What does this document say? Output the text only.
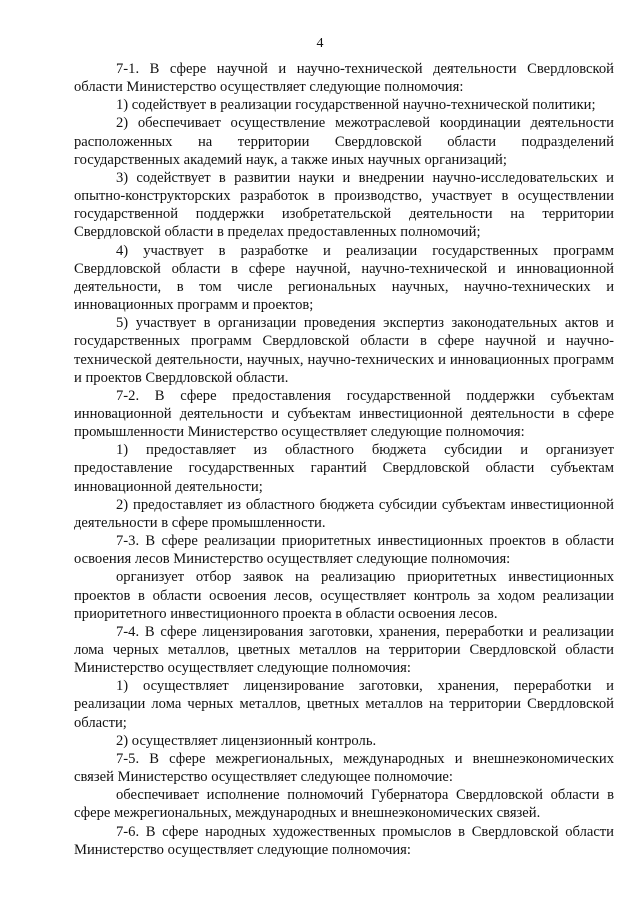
4

7-1. В сфере научной и научно-технической деятельности Свердловской области Министерство осуществляет следующие полномочия:

1) содействует в реализации государственной научно-технической политики;

2) обеспечивает осуществление межотраслевой координации деятельности расположенных на территории Свердловской области подразделений государственных академий наук, а также иных научных организаций;

3) содействует в развитии науки и внедрении научно-исследовательских и опытно-конструкторских разработок в производство, участвует в осуществлении государственной поддержки изобретательской деятельности на территории Свердловской области в пределах предоставленных полномочий;

4) участвует в разработке и реализации государственных программ Свердловской области в сфере научной, научно-технической и инновационной деятельности, в том числе региональных научных, научно-технических и инновационных программ и проектов;

5) участвует в организации проведения экспертиз законодательных актов и государственных программ Свердловской области в сфере научной и научно-технической деятельности, научных, научно-технических и инновационных программ и проектов Свердловской области.

7-2. В сфере предоставления государственной поддержки субъектам инновационной деятельности и субъектам инвестиционной деятельности в сфере промышленности Министерство осуществляет следующие полномочия:

1) предоставляет из областного бюджета субсидии и организует предоставление государственных гарантий Свердловской области субъектам инновационной деятельности;

2) предоставляет из областного бюджета субсидии субъектам инвестиционной деятельности в сфере промышленности.

7-3. В сфере реализации приоритетных инвестиционных проектов в области освоения лесов Министерство осуществляет следующие полномочия:

организует отбор заявок на реализацию приоритетных инвестиционных проектов в области освоения лесов, осуществляет контроль за ходом реализации приоритетного инвестиционного проекта в области освоения лесов.

7-4. В сфере лицензирования заготовки, хранения, переработки и реализации лома черных металлов, цветных металлов на территории Свердловской области Министерство осуществляет следующие полномочия:

1) осуществляет лицензирование заготовки, хранения, переработки и реализации лома черных металлов, цветных металлов на территории Свердловской области;

2) осуществляет лицензионный контроль.

7-5. В сфере межрегиональных, международных и внешнеэкономических связей Министерство осуществляет следующее полномочие:

обеспечивает исполнение полномочий Губернатора Свердловской области в сфере межрегиональных, международных и внешнеэкономических связей.

7-6. В сфере народных художественных промыслов в Свердловской области Министерство осуществляет следующие полномочия:
